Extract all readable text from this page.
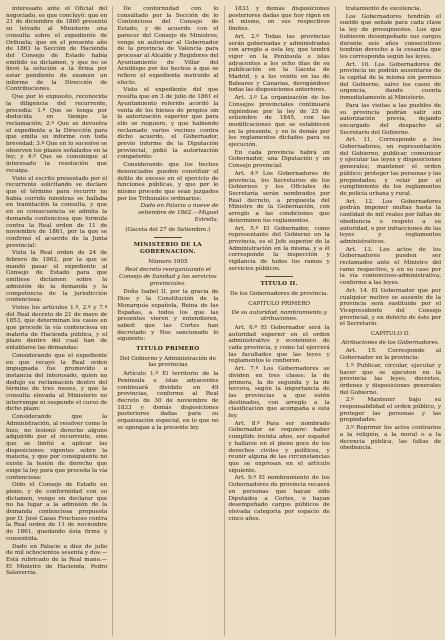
interesado ante el Oficial del negociado, es que concluyó: que en 21 de diciembre de 1860 presentó su letrado al Ministerio una consulta sobre el expediente de Orihuela; que en el presente año de 1861 la Sección de Hacienda del Consejo de Estado había emitido su dictamen, y que no se llevó la solución a la firma por estar pendiente de examen un informe de la Dirección de Contribuciones.

Que por lo expuesto, reconocida la diligencia del recurrente, procedía: 1.º Que se tenga por deducida en tiempo la reclamación; 2.º Que se devuelva el expediente a la Dirección para que emita su informe con toda brevedad; 3.º Que en lo sucesivo se observen los plazos señalados en la ley; y 4.º Que se comunique al interesado la resolución que recaiga.

Visto el escrito presentado por el recurrente solicitando se declare que el término para recurrir no había corrido mientras se hallaba en tramitación la consulta, y que en su consecuencia se admita la demanda contenciosa que formula contra la Real orden de 11 de noviembre de 1861, por la que se confirmó el acuerdo de la Junta provincial:

Vista la Real orden de 24 de febrero de 1862, por la que se mandó pasar el expediente al Consejo de Estado para que emitiese dictamen sobre la admisión de la demanda y la competencia de la jurisdicción contenciosa:

Vistos los artículos 1.º, 2.º y 7.º del Real decreto de 21 de mayo de 1853, que determinan los casos en que procede la vía contenciosa en materia de Hacienda pública, y el plazo dentro del cual han de entablarse las demandas:

Considerando que el expediente en que recayó la Real orden impugnada fue promovido a instancia del interesado, quien no dedujo su reclamación dentro del término de tres meses, y que la consulta elevada al Ministerio no interrumpe ni suspende el curso de dicho plazo:

Considerando que la Administración, al resolver como lo hizo, no lesionó derecho alguno adquirido por el recurrente, sino que se limitó a aplicar las disposiciones vigentes sobre la materia, y que por consiguiente no existe la lesión de derecho que exige la ley para que proceda la vía contenciosa:

Oído el Consejo de Estado en pleno, y de conformidad con su dictamen, vengo en declarar que no ha lugar a la admisión de la demanda contenciosa propuesta por D. José Casas Fructuoso contra la Real orden de 11 de noviembre de 1861, quedando ésta firme y consentida.

Dado en Palacio a diez de julio de mil ochocientos sesenta y dos.—Está rubricado de la Real mano.—El Ministro de Hacienda, Pedro Salaverría.

De conformidad con lo consultado por la Sección de lo Contencioso del Consejo de Estado, y de acuerdo con el parecer del Consejo de Ministros, vengo en autorizar al Gobernador de la provincia de Valencia para procesar al Alcalde y Regidores del Ayuntamiento de Villar del Arzobispo por los hechos a que se refiere el expediente instruido al efecto.

Visto el expediente del que resulta que en 3 de julio de 1861 el Ayuntamiento referido acordó la venta de los bienes de propios sin la autorización superior que para ello se requiere, y que habiendo reclamado varios vecinos contra dicho acuerdo, el Gobernador, previo informe de la Diputación provincial, pidió la autorización competente:

Considerando que los hechos denunciados pueden constituir el delito de exceso en el ejercicio de funciones públicas, y que por lo mismo procede que sean juzgados por los Tribunales ordinarios:

Dado en Palacio a nueve de setiembre de 1862.—Miguel Estrella.

(Gaceta del 27 de Setiembre.)

MINISTERIO DE LA GOBERNACION.

Número 1005

Real decreto reorganizando el Consejo de Sanidad y los servicios provinciales.

Doña Isabel II, por la gracia de Dios y la Constitución de la Monarquía española, Reina de las Españas, a todos los que las presentes vieren y entendieren, sabed: que las Cortes han decretado y Nos sancionado lo siguiente:

TITULO PRIMERO

Del Gobierno y Administración de las provincias

Artículo 1.º El territorio de la Península e islas adyacentes continuará dividido en 49 provincias, conforme al Real decreto de 30 de noviembre de 1833 y demás disposiciones posteriores dadas para su organización especial, en lo que no se opongan a la presente ley.

1833 y demás disposiciones posteriores dadas que hoy rigen en el mismo, en sus respectivos límites.

Art. 2.º Todas las provincias serán gobernadas y administradas con arreglo a esta ley, que tendrá vigor en la Península e islas adyacentes a los ocho días de su publicación en la Gaceta de Madrid, y a los veinte en las de Baleares y Canarias, derogándose todas las disposiciones anteriores.

Art. 3.º La organización de los Consejos provinciales continuará rigiéndose por la ley de 25 de setiembre de 1845, con las modificaciones que se establecen en la presente, y en lo demás por los reglamentos dictados para su ejecución.

En cada provincia habrá un Gobernador, una Diputación y un Consejo provincial.

Art. 4.º Los Gobernadores de provincia, los Secretarios de los Gobiernos y los Oficiales de Secretaría serán nombrados por Real decreto, a propuesta del Ministro de la Gobernación, con arreglo a las condiciones que determinen los reglamentos.

Art. 5.º El Gobernador, como representante del Gobierno en la provincia, es el Jefe superior de la Administración en la misma, y a él corresponde la inspección y vigilancia de todos los ramos y servicios públicos.

TITULO II.

De los Gobernadores de provincia.

CAPITULO PRIMERO

De su autoridad, nombramiento y atribuciones.

Art. 6.º El Gobernador será la autoridad superior en el orden administrativo y económico de cada provincia, y como tal ejercerá las facultades que las leyes y reglamentos le confieren.

Art. 7.º Los Gobernadores se dividen en tres clases: la de primera, la de segunda y la de tercera, según la importancia de las provincias a que estén destinados, con arreglo a la clasificación que acompaña a esta ley.

Art. 8.º Para ser nombrado Gobernador se requiere: haber cumplido treinta años, ser español y hallarse en el pleno goce de los derechos civiles y políticos, y reunir alguna de las circunstancias que se expresan en el artículo siguiente.

Art. 9.º El nombramiento de los Gobernadores de provincia recaerá en personas que hayan sido Diputados a Cortes, o hayan desempeñado cargos públicos de elevada categoría por espacio de cinco años.

tratamiento de excelencia.

Los Gobernadores tendrán el sueldo que señale para cada clase la ley de presupuestos. Los que hubieren desempeñado sus cargos durante seis años consecutivos tendrán derecho a la cesantía que les corresponda según las leyes.

Art. 10. Los Gobernadores de provincia no podrán ausentarse de la capital de la misma sin permiso del Gobierno, salvo los casos de urgencia, dando cuenta inmediatamente al Ministerio.

Para las visitas a las pueblos de su provincia podrán salir sin autorización previa, dejando encargado del despacho al Secretario del Gobierno.

Art. 11. Corresponde a los Gobernadores, en representación del Gobierno, publicar, comunicar y ejecutar las leyes y disposiciones generales; mantener el orden público; proteger las personas y las propiedades; y velar por el cumplimiento de los reglamentos de policía urbana y rural.

Art. 12. Los Gobernadores podrán imponer multas hasta la cantidad de mil reales por faltas de obediencia o respeto a su autoridad, o por infracciones de las leyes y reglamentos administrativos.

Art. 13. Los actos de los Gobernadores pueden ser reclamados ante el Ministro del ramo respectivo, y en su caso por la vía contencioso-administrativa, conforme a las leyes.

Art. 14. El Gobernador que por cualquier motivo se ausente de la provincia será sustituido por el Vicepresidente del Consejo provincial, y en defecto de éste por el Secretario.

CAPITULO II.

Atribuciones de los Gobernadores.

Art. 15. Corresponde al Gobernador en la provincia:

1.º Publicar, circular, ejecutar y hacer que se ejecuten en la provincia las leyes, decretos, órdenes y disposiciones generales del Gobierno.

2.º Mantener bajo su responsabilidad el orden público, y proteger las personas y las propiedades.

3.º Reprimir los actos contrarios a la religión, a la moral o a la decencia pública, las faltas de obediencia.
